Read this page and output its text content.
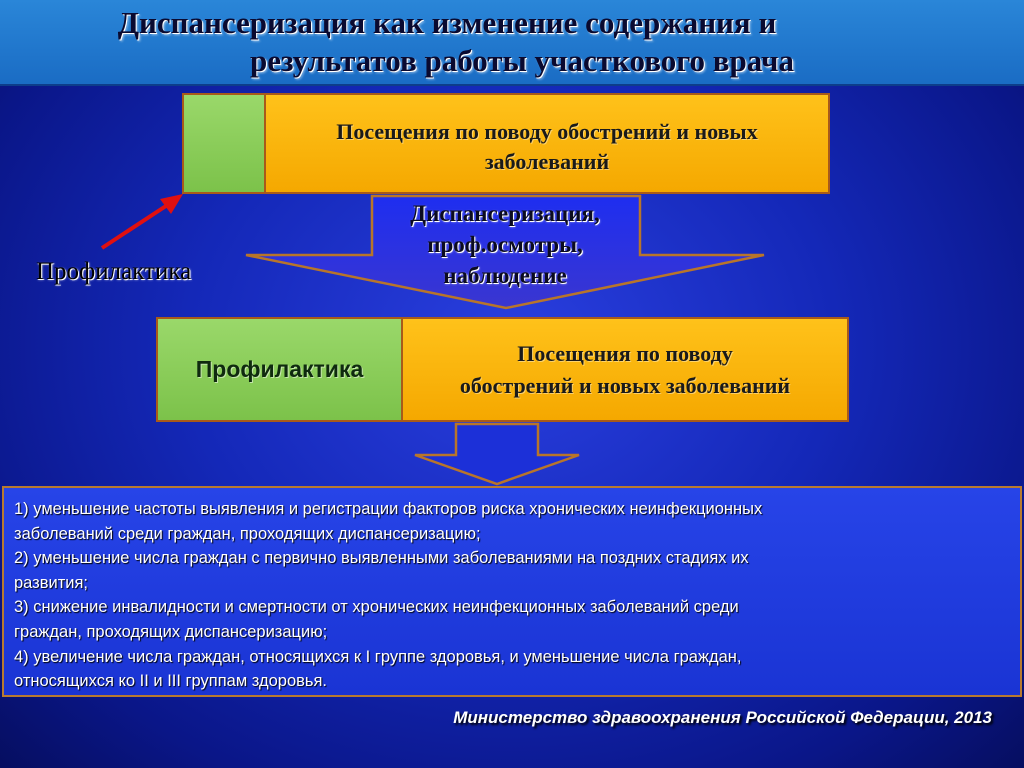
Диспансеризация как изменение содержания и
результатов работы участкового врача
Посещения по поводу обострений и новых
заболеваний
Диспансеризация,
проф.осмотры,
наблюдение
Профилактика
Профилактика
Посещения по поводу
обострений и новых заболеваний
1) уменьшение частоты выявления и регистрации факторов риска хронических неинфекционных
заболеваний среди граждан, проходящих диспансеризацию;
2) уменьшение числа граждан с первично выявленными заболеваниями на поздних стадиях их
развития;
3) снижение инвалидности и смертности от хронических неинфекционных заболеваний среди
граждан, проходящих диспансеризацию;
4) увеличение числа граждан, относящихся к I группе здоровья, и уменьшение числа граждан,
относящихся ко II и III группам здоровья.
Министерство здравоохранения Российской Федерации, 2013
